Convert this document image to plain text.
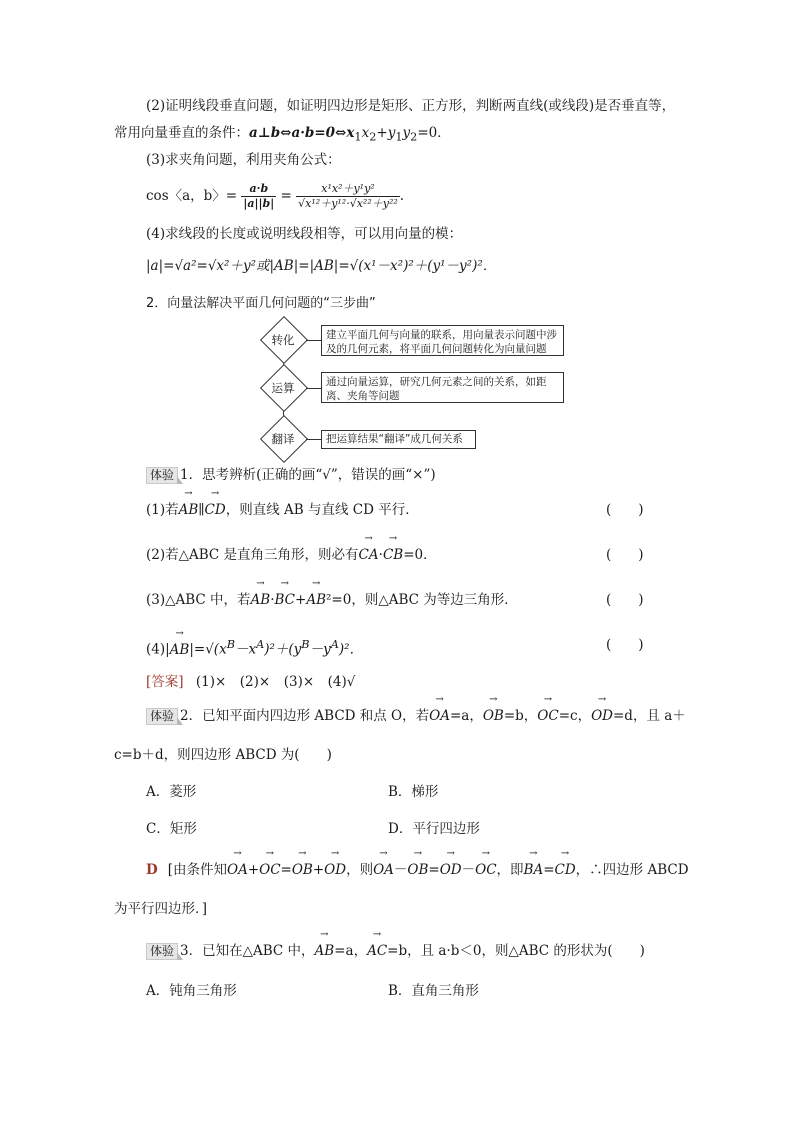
(2)证明线段垂直问题，如证明四边形是矩形、正方形，判断两直线(或线段)是否垂直等，
常用向量垂直的条件：$a\perp b\Leftrightarrow a\cdot b=0\Leftrightarrow x_1x_2+y_1y_2=0$．
(3)求夹角问题，利用夹角公式：
cos〈a，b〉= $\frac{a\cdot b}{|a||b|} = \frac{\text{x¹x²＋y¹y²}}{\text{√x¹²＋y¹²·√x²²＋y²²}}$ .
(4)求线段的长度或说明线段相等，可以用向量的模：
|a|=√a²=√x²＋y²或|AB|=|AB|=√(x¹－x²)²＋(y¹－y²)²．
2．向量法解决平面几何问题的“三步曲”
转化	建立平面几何与向量的联系，用向量表示问题中涉及的几何元素，将平面几何问题转化为向量问题
运算	通过向量运算，研究几何元素之间的关系，如距离、夹角等问题
翻译	把运算结果“翻译”成几何关系
体验 1．思考辨析(正确的画“√”，错误的画“×”)
(1)若→ AB∥→ CD，则直线 AB 与直线 CD 平行．	(　　)
(2)若△ABC 是直角三角形，则必有→ CA·→ CB=0．	(　　)
(3)△ABC 中，若→ AB·→ BC+→ AB²=0，则△ABC 为等边三角形．	(　　)
$(4)|\to AB|=√(x^B-x^A)^2+(y^B-y^A)^2$．	(　　)
[答案] (1)×　(2)×　(3)×　(4)√
体验 2．已知平面内四边形 ABCD 和点 O，若→ OA=a，→ OB=b，→ OC=c，→ OD=d，且 a＋
c=b＋d，则四边形 ABCD 为(　　)
A．菱形	B．梯形
C．矩形	D．平行四边形
D [由条件知→ OA+→ OC=→ OB+→ OD，则→ OA－→ OB=→ OD－→ OC，即→ BA=→ CD，∴四边形 ABCD
为平行四边形．]
体验 3．已知在△ABC 中，→ AB=a，→ AC=b，且 a·b＜0，则△ABC 的形状为(　　)
A．钝角三角形	B．直角三角形
